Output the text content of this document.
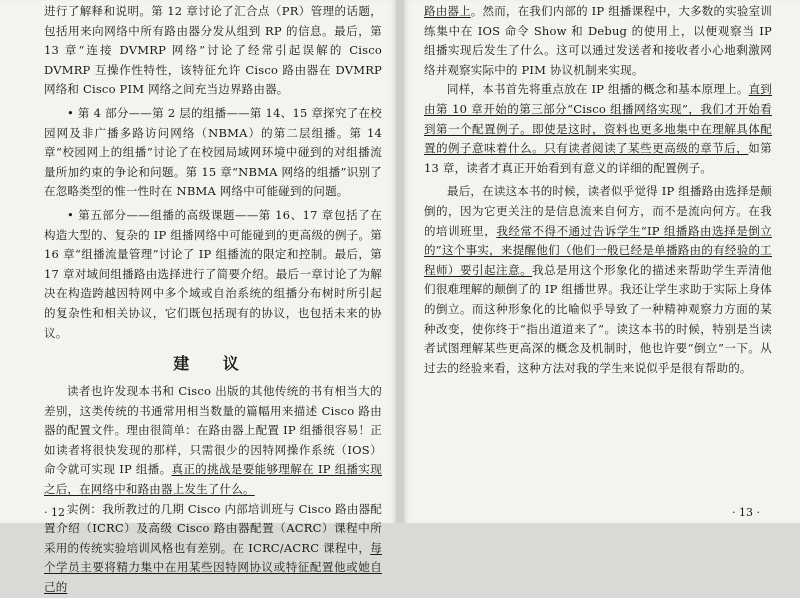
进行了解释和说明。第 12 章讨论了汇合点（PR）管理的话题，包括用来向网络中所有路由器分发从组到 RP 的信息。最后，第 13 章“连接 DVMRP 网络”讨论了经常引起误解的 Cisco DVMRP 互操作性特性，该特征允许 Cisco 路由器在 DVMRP 网络和 Cisco PIM 网络之间充当边界路由器。

• 第 4 部分——第 2 层的组播——第 14、15 章探究了在校园网及非广播多路访问网络（NBMA）的第二层组播。第 14 章“校园网上的组播”讨论了在校园局域网环境中碰到的对组播流量所加约束的争论和问题。第 15 章“NBMA 网络的组播”识别了在忽略类型的惟一性时在 NBMA 网络中可能碰到的问题。

• 第五部分——组播的高级课题——第 16、17 章包括了在构造大型的、复杂的 IP 组播网络中可能碰到的更高级的例子。第 16 章“组播流量管理”讨论了 IP 组播流的限定和控制。最后，第 17 章对域间组播路由选择进行了简要介绍。最后一章讨论了为解决在构造跨越因特网中多个域或自治系统的组播分布树时所引起的复杂性和相关协议，它们既包括现有的协议，也包括未来的协议。

建 议

读者也许发现本书和 Cisco 出版的其他传统的书有相当大的差别，这类传统的书通常用相当数量的篇幅用来描述 Cisco 路由器的配置文件。理由很简单：在路由器上配置 IP 组播很容易！正如读者将很快发现的那样，只需很少的因特网操作系统（IOS）命令就可实现 IP 组播。真正的挑战是要能够理解在 IP 组播实现之后，在网络中和路由器上发生了什么。

实例：我所教过的几期 Cisco 内部培训班与 Cisco 路由器配置介绍（ICRC）及高级 Cisco 路由器配置（ACRC）课程中所采用的传统实验培训风格也有差别。在 ICRC/ACRC 课程中，每个学员主要将精力集中在用某些因特网协议或特征配置他或她自己的

· 12 ·

路由器上。然而，在我们内部的 IP 组播课程中，大多数的实验室训练集中在 IOS 命令 Show 和 Debug 的使用上，以便观察当 IP 组播实现后发生了什么。这可以通过发送者和接收者小心地剩激网络并观察实际中的 PIM 协议机制来实现。

同样，本书首先将重点放在 IP 组播的概念和基本原理上。直到由第 10 章开始的第三部分“Cisco 组播网络实现”，我们才开始看到第一个配置例子。即使是这时，资料也更多地集中在理解具体配置的例子意味着什么。只有读者阅读了某些更高级的章节后，如第 13 章，读者才真正开始看到有意义的详细的配置例子。

最后，在读这本书的时候，读者似乎觉得 IP 组播路由选择是颠倒的，因为它更关注的是信息流来自何方，而不是流向何方。在我的培训班里，我经常不得不通过告诉学生“IP 组播路由选择是倒立的”这个事实，来提醒他们（他们一般已经是单播路由的有经验的工程师）要引起注意。我总是用这个形象化的描述来帮助学生弄清他们很难理解的颠倒了的 IP 组播世界。我还让学生求助于实际上身体的倒立。而这种形象化的比喻似乎导致了一种精神观察力方面的某种改变，使你终于“指出道道来了”。读这本书的时候，特别是当读者试图理解某些更高深的概念及机制时，他也许要“倒立”一下。从过去的经验来看，这种方法对我的学生来说似乎是很有帮助的。

· 13 ·
